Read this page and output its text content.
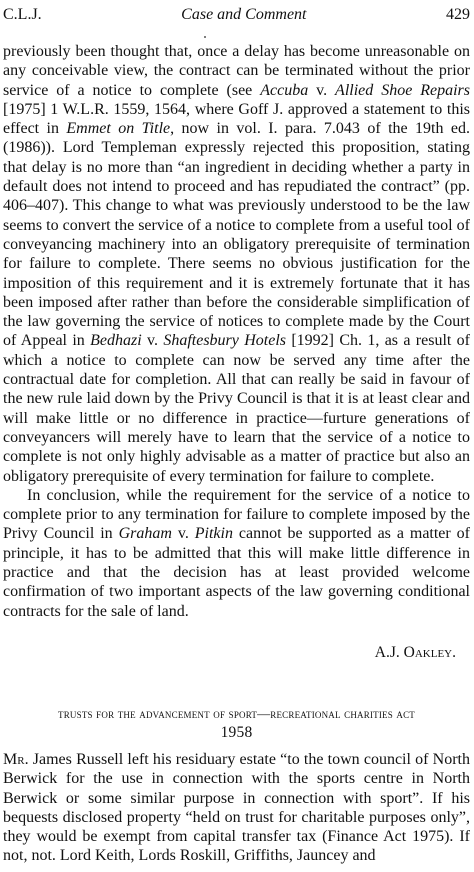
C.L.J.	Case and Comment	429

previously been thought that, once a delay has become unreasonable on any conceivable view, the contract can be terminated without the prior service of a notice to complete (see Accuba v. Allied Shoe Repairs [1975] 1 W.L.R. 1559, 1564, where Goff J. approved a statement to this effect in Emmet on Title, now in vol. I. para. 7.043 of the 19th ed. (1986)). Lord Templeman expressly rejected this proposition, stating that delay is no more than “an ingredient in deciding whether a party in default does not intend to proceed and has repudiated the contract” (pp. 406–407). This change to what was previously understood to be the law seems to convert the service of a notice to complete from a useful tool of conveyancing machinery into an obligatory prerequisite of termination for failure to complete. There seems no obvious justification for the imposition of this requirement and it is extremely fortunate that it has been imposed after rather than before the considerable simplification of the law governing the service of notices to complete made by the Court of Appeal in Bedhazi v. Shaftesbury Hotels [1992] Ch. 1, as a result of which a notice to complete can now be served any time after the contractual date for completion. All that can really be said in favour of the new rule laid down by the Privy Council is that it is at least clear and will make little or no difference in practice—furture generations of conveyancers will merely have to learn that the service of a notice to complete is not only highly advisable as a matter of practice but also an obligatory prerequisite of every termination for failure to complete.

In conclusion, while the requirement for the service of a notice to complete prior to any termination for failure to complete imposed by the Privy Council in Graham v. Pitkin cannot be supported as a matter of principle, it has to be admitted that this will make little difference in practice and that the decision has at least provided welcome confirmation of two important aspects of the law governing conditional contracts for the sale of land.

A.J. Oakley.
trusts for the advancement of sport—recreational charities act
1958

Mr. James Russell left his residuary estate “to the town council of North Berwick for the use in connection with the sports centre in North Berwick or some similar purpose in connection with sport”. If his bequests disclosed property “held on trust for charitable purposes only”, they would be exempt from capital transfer tax (Finance Act 1975). If not, not. Lord Keith, Lords Roskill, Griffiths, Jauncey and
